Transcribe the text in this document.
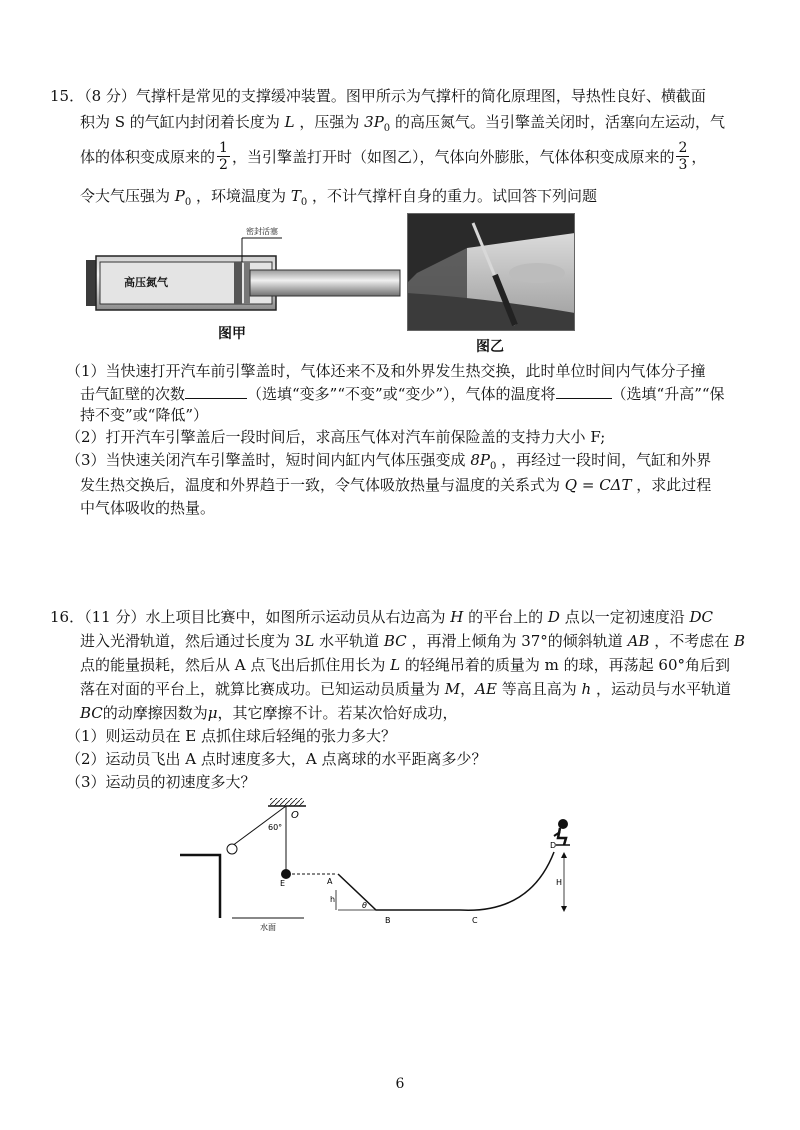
15．（8 分）气撑杆是常见的支撑缓冲装置。图甲所示为气撑杆的简化原理图，导热性良好、横截面
积为 S 的气缸内封闭着长度为 L ，压强为 $3P_0$ 的高压氮气。当引擎盖关闭时，活塞向左运动，气
体的体积变成原来的 $\frac{1}{2}$ ，当引擎盖打开时（如图乙），气体向外膨胀，气体体积变成原来的 $\frac{2}{3}$ ，
令大气压强为 $P_0$ ，环境温度为 $T_0$ ，不计气撑杆自身的重力。试回答下列问题
密封活塞
高压氮气
图甲
图乙
（1）当快速打开汽车前引擎盖时，气体还来不及和外界发生热交换，此时单位时间内气体分子撞
击气缸壁的次数	（选填“变多”“不变”或“变少”），气体的温度将	（选填“升高”“保
持不变”或“降低”）
（2）打开汽车引擎盖后一段时间后，求高压气体对汽车前保险盖的支持力大小 F;
（3）当快速关闭汽车引擎盖时，短时间内缸内气体压强变成 $8P_0$ ，再经过一段时间，气缸和外界
发生热交换后，温度和外界趋于一致，令气体吸放热量与温度的关系式为 Q = CΔT ，求此过程
中气体吸收的热量。
16．（11 分）水上项目比赛中，如图所示运动员从右边高为 H 的平台上的 D 点以一定初速度沿 DC
进入光滑轨道，然后通过长度为 3L 水平轨道 BC ，再滑上倾角为 37°的倾斜轨道 AB ，不考虑在 B
点的能量损耗，然后从 A 点飞出后抓住用长为 L 的轻绳吊着的质量为 m 的球，再荡起 60°角后到
落在对面的平台上，就算比赛成功。已知运动员质量为 M，AE 等高且高为 h ，运动员与水平轨道
BC的动摩擦因数为μ，其它摩擦不计。若某次恰好成功，
（1）则运动员在 E 点抓住球后轻绳的张力多大？
（2）运动员飞出 A 点时速度多大，A 点离球的水平距离多少？
（3）运动员的初速度多大？
O
60°
E
水面
A
h
θ
B	C
D
H
6
